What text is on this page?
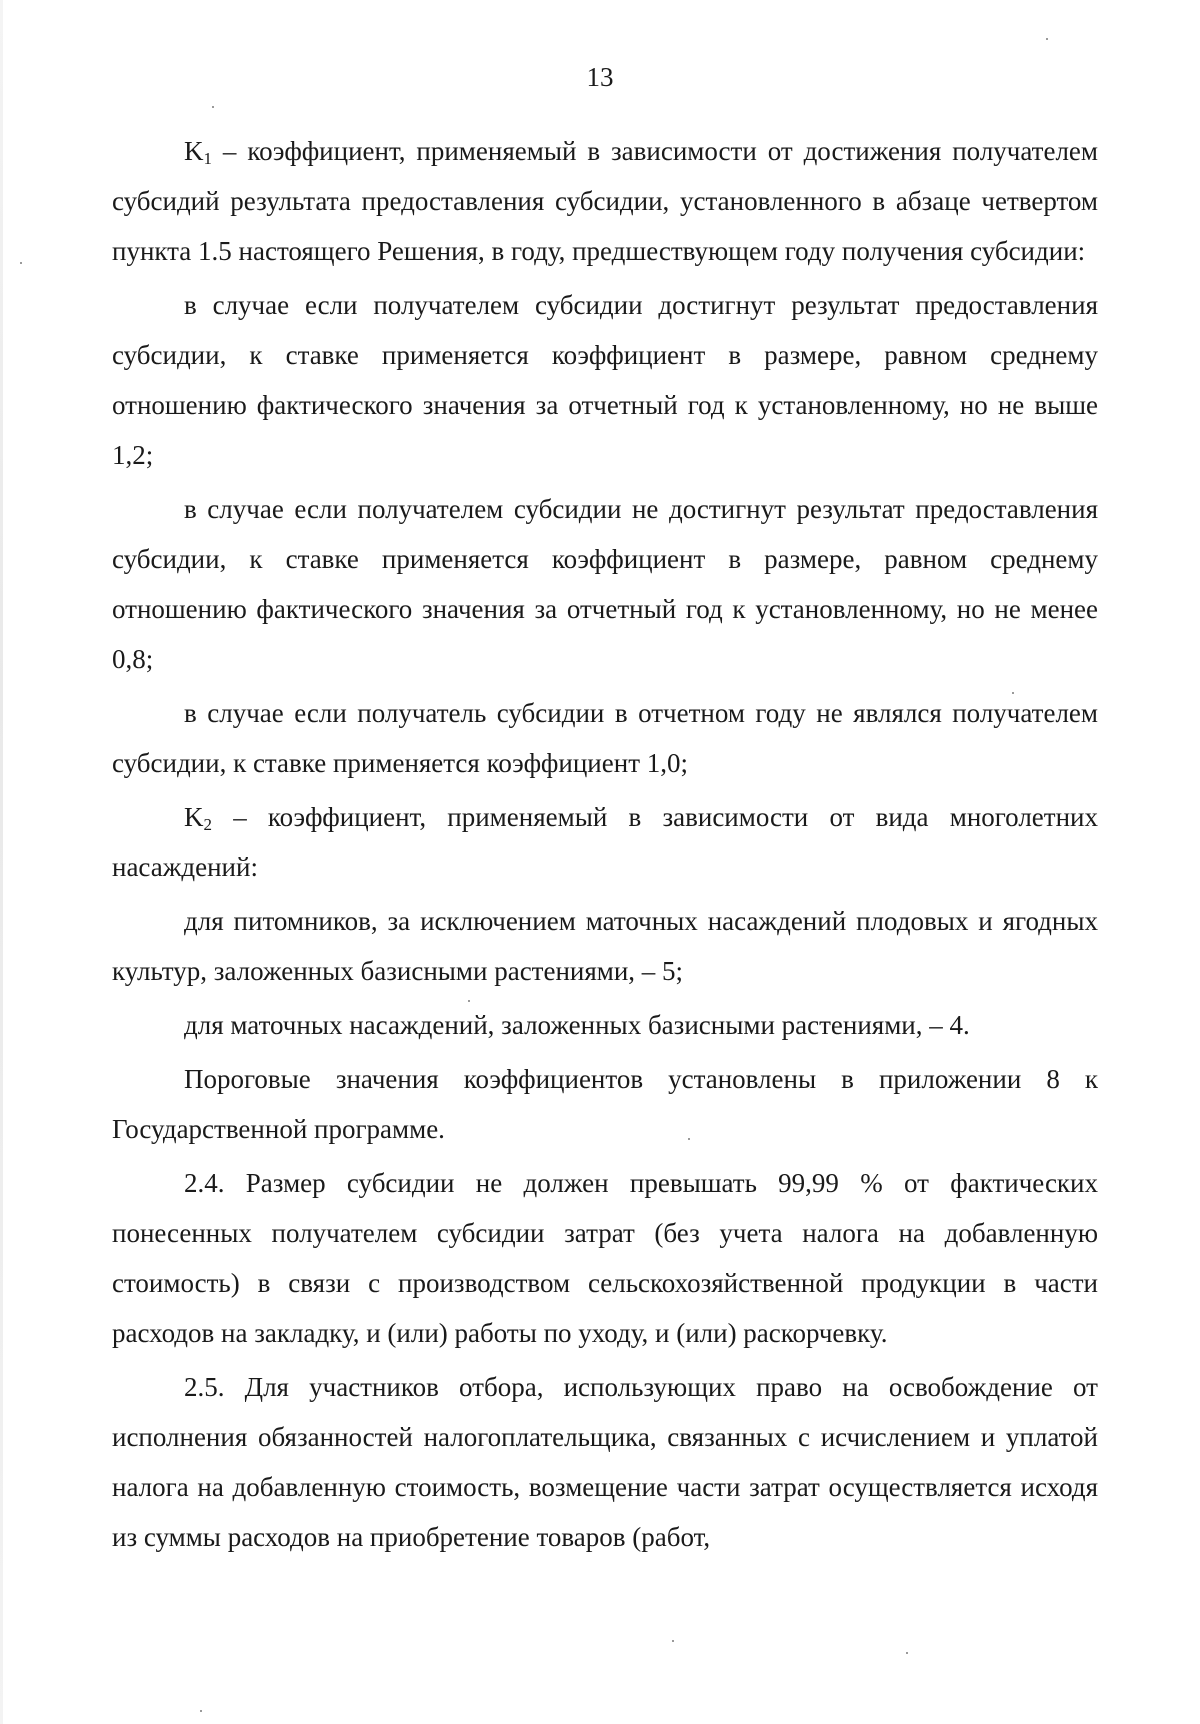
13

$K_1$ – коэффициент, применяемый в зависимости от достижения получателем субсидий результата предоставления субсидии, установленного в абзаце четвертом пункта 1.5 настоящего Решения, в году, предшествующем году получения субсидии:

в случае если получателем субсидии достигнут результат предоставления субсидии, к ставке применяется коэффициент в размере, равном среднему отношению фактического значения за отчетный год к установленному, но не выше 1,2;

в случае если получателем субсидии не достигнут результат предоставления субсидии, к ставке применяется коэффициент в размере, равном среднему отношению фактического значения за отчетный год к установленному, но не менее 0,8;

в случае если получатель субсидии в отчетном году не являлся получателем субсидии, к ставке применяется коэффициент 1,0;

$K_2$ – коэффициент, применяемый в зависимости от вида многолетних насаждений:

для питомников, за исключением маточных насаждений плодовых и ягодных культур, заложенных базисными растениями, – 5;

для маточных насаждений, заложенных базисными растениями, – 4.

Пороговые значения коэффициентов установлены в приложении 8 к Государственной программе.

2.4. Размер субсидии не должен превышать 99,99 % от фактических понесенных получателем субсидии затрат (без учета налога на добавленную стоимость) в связи с производством сельскохозяйственной продукции в части расходов на закладку, и (или) работы по уходу, и (или) раскорчевку.

2.5. Для участников отбора, использующих право на освобождение от исполнения обязанностей налогоплательщика, связанных с исчислением и уплатой налога на добавленную стоимость, возмещение части затрат осуществляется исходя из суммы расходов на приобретение товаров (работ,
